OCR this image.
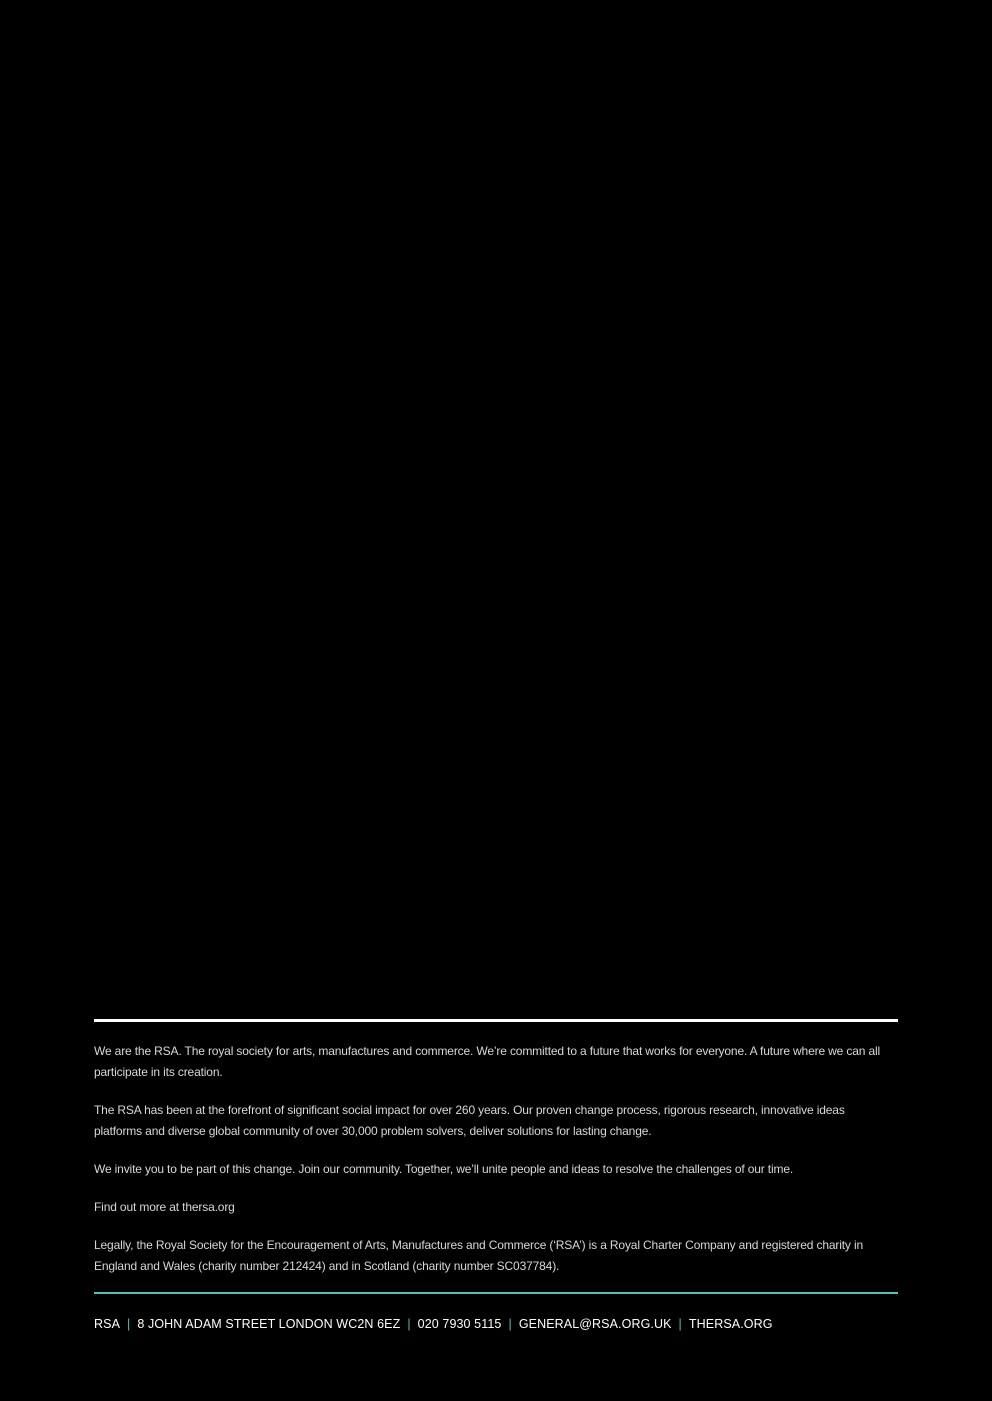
We are the RSA. The royal society for arts, manufactures and commerce. We’re committed to a future that works for everyone. A future where we can all participate in its creation.

The RSA has been at the forefront of significant social impact for over 260 years. Our proven change process, rigorous research, innovative ideas platforms and diverse global community of over 30,000 problem solvers, deliver solutions for lasting change.

We invite you to be part of this change. Join our community. Together, we’ll unite people and ideas to resolve the challenges of our time.

Find out more at thersa.org

Legally, the Royal Society for the Encouragement of Arts, Manufactures and Commerce (‘RSA’) is a Royal Charter Company and registered charity in England and Wales (charity number 212424) and in Scotland (charity number SC037784).

RSA | 8 JOHN ADAM STREET LONDON WC2N 6EZ | 020 7930 5115 | GENERAL@RSA.ORG.UK | THERSA.ORG
